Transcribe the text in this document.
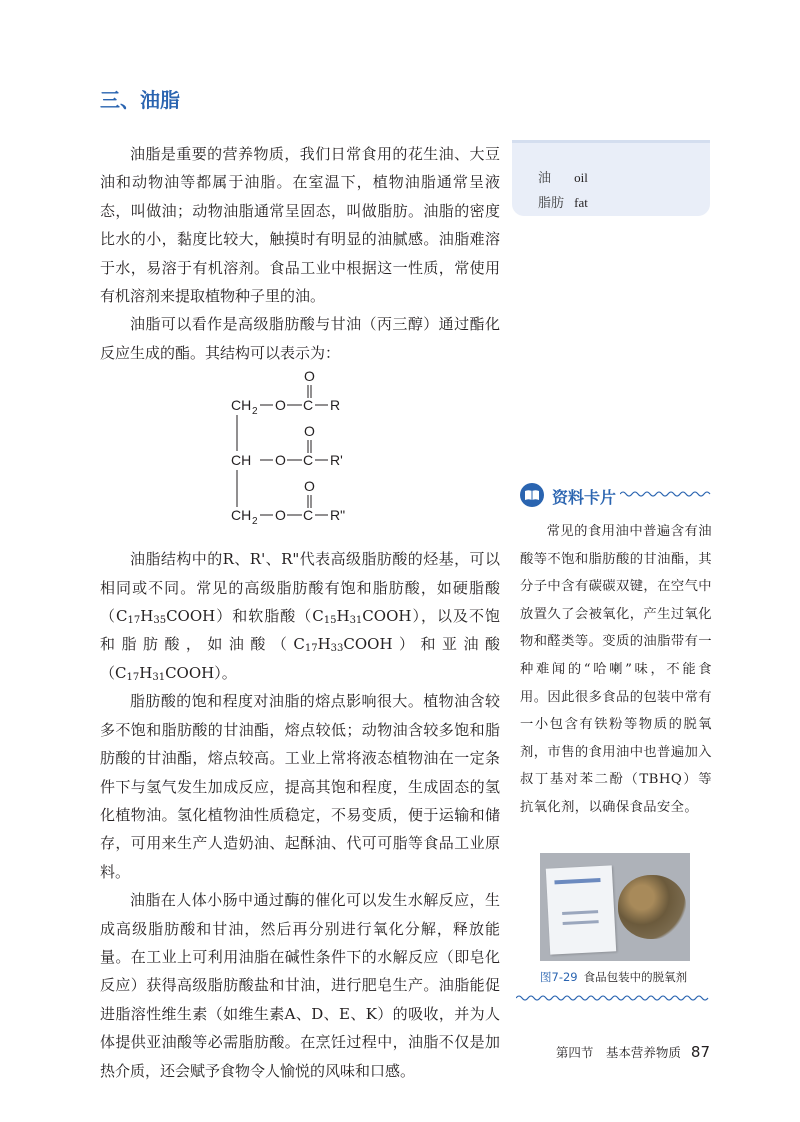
三、油脂

油脂是重要的营养物质，我们日常食用的花生油、大豆油和动物油等都属于油脂。在室温下，植物油脂通常呈液态，叫做油；动物油脂通常呈固态，叫做脂肪。油脂的密度比水的小，黏度比较大，触摸时有明显的油腻感。油脂难溶于水，易溶于有机溶剂。食品工业中根据这一性质，常使用有机溶剂来提取植物种子里的油。

油脂可以看作是高级脂肪酸与甘油（丙三醇）通过酯化反应生成的酯。其结构可以表示为：

CH 2 O C
O
R
CH O C
O
R'
CH 2 O C
O
R"

油脂结构中的R、R'、R"代表高级脂肪酸的烃基，可以相同或不同。常见的高级脂肪酸有饱和脂肪酸，如硬脂酸$(C_{17}H_{35}COOH)$和软脂酸$(C_{15}H_{31}COOH)$，以及不饱和脂肪酸，如油酸$(C_{17}H_{33}COOH)$和亚油酸$(C_{17}H_{31}COOH)$。

脂肪酸的饱和程度对油脂的熔点影响很大。植物油含较多不饱和脂肪酸的甘油酯，熔点较低；动物油含较多饱和脂肪酸的甘油酯，熔点较高。工业上常将液态植物油在一定条件下与氢气发生加成反应，提高其饱和程度，生成固态的氢化植物油。氢化植物油性质稳定，不易变质，便于运输和储存，可用来生产人造奶油、起酥油、代可可脂等食品工业原料。

油脂在人体小肠中通过酶的催化可以发生水解反应，生成高级脂肪酸和甘油，然后再分别进行氧化分解，释放能量。在工业上可利用油脂在碱性条件下的水解反应（即皂化反应）获得高级脂肪酸盐和甘油，进行肥皂生产。油脂能促进脂溶性维生素（如维生素A、D、E、K）的吸收，并为人体提供亚油酸等必需脂肪酸。在烹饪过程中，油脂不仅是加热介质，还会赋予食物令人愉悦的风味和口感。

油 oil
脂肪 fat
资料卡片

常见的食用油中普遍含有油酸等不饱和脂肪酸的甘油酯，其分子中含有碳碳双键，在空气中放置久了会被氧化，产生过氧化物和醛类等。变质的油脂带有一种难闻的“哈喇”味，不能食用。因此很多食品的包装中常有一小包含有铁粉等物质的脱氧剂，市售的食用油中也普遍加入叔丁基对苯二酚（TBHQ）等抗氧化剂，以确保食品安全。

图7-29 食品包装中的脱氧剂
第四节　基本营养物质 87
